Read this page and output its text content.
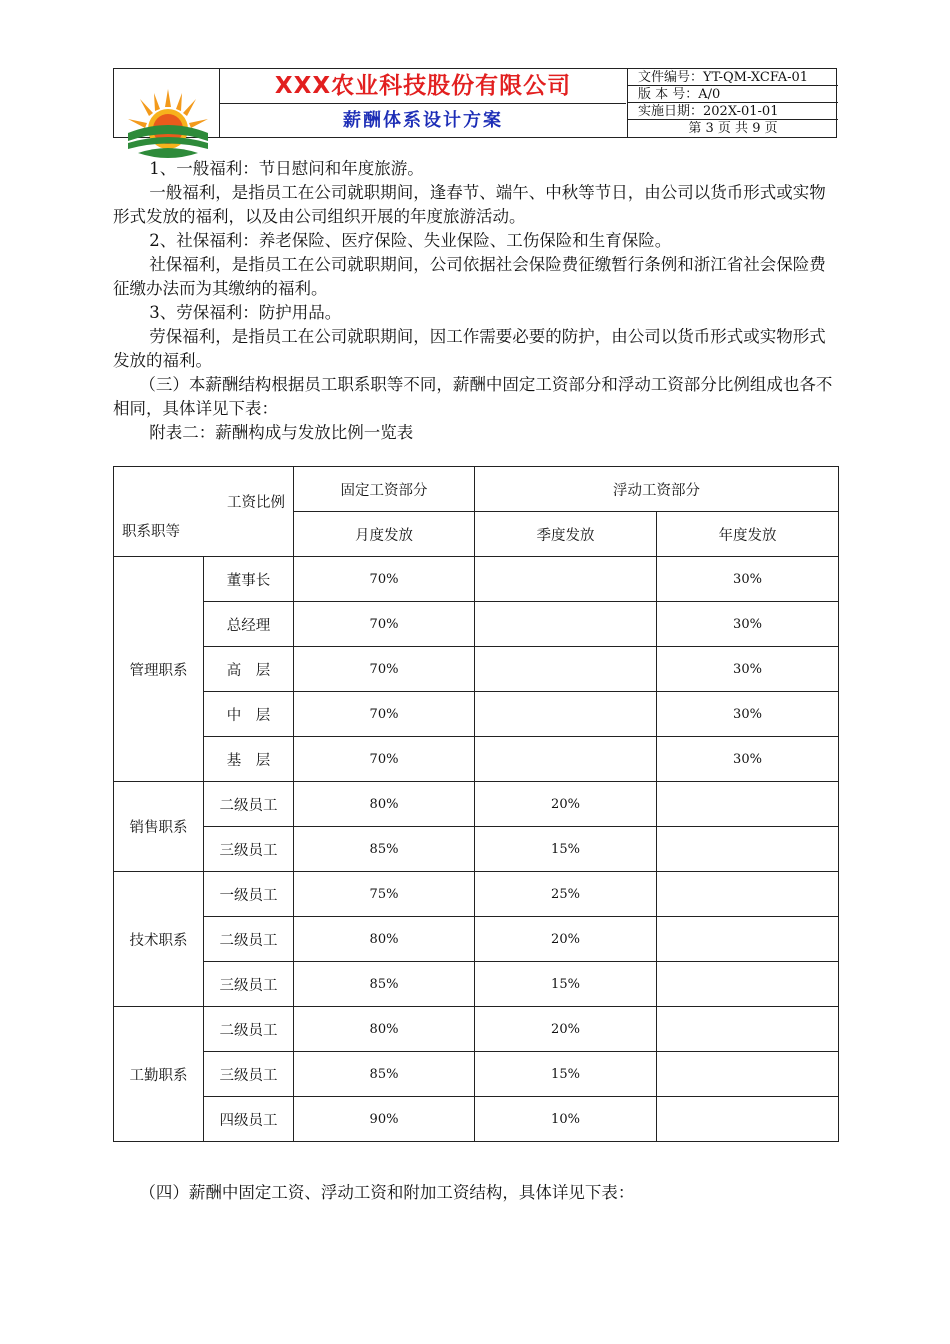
XXX农业科技股份有限公司
薪酬体系设计方案
文件编号：YT-QM-XCFA-01
版 本 号：A/0
实施日期：202X-01-01
第 3 页 共 9 页
1、一般福利：节日慰问和年度旅游。
一般福利，是指员工在公司就职期间，逢春节、端午、中秋等节日，由公司以货币形式或实物形式发放的福利，以及由公司组织开展的年度旅游活动。
2、社保福利：养老保险、医疗保险、失业保险、工伤保险和生育保险。
社保福利，是指员工在公司就职期间，公司依据社会保险费征缴暂行条例和浙江省社会保险费征缴办法而为其缴纳的福利。
3、劳保福利：防护用品。
劳保福利，是指员工在公司就职期间，因工作需要必要的防护，由公司以货币形式或实物形式发放的福利。
（三）本薪酬结构根据员工职系职等不同，薪酬中固定工资部分和浮动工资部分比例组成也各不相同，具体详见下表：
附表二：薪酬构成与发放比例一览表
工资比例
职系职等		固定工资部分	浮动工资部分	
		月度发放	季度发放	年度发放
管理职系	董事长	70%		30%
	总经理	70%		30%
	高　层	70%		30%
	中　层	70%		30%
	基　层	70%		30%
销售职系	二级员工	80%	20%	
	三级员工	85%	15%	
技术职系	一级员工	75%	25%	
	二级员工	80%	20%	
	三级员工	85%	15%	
工勤职系	二级员工	80%	20%	
	三级员工	85%	15%	
	四级员工	90%	10%	
（四）薪酬中固定工资、浮动工资和附加工资结构，具体详见下表：
